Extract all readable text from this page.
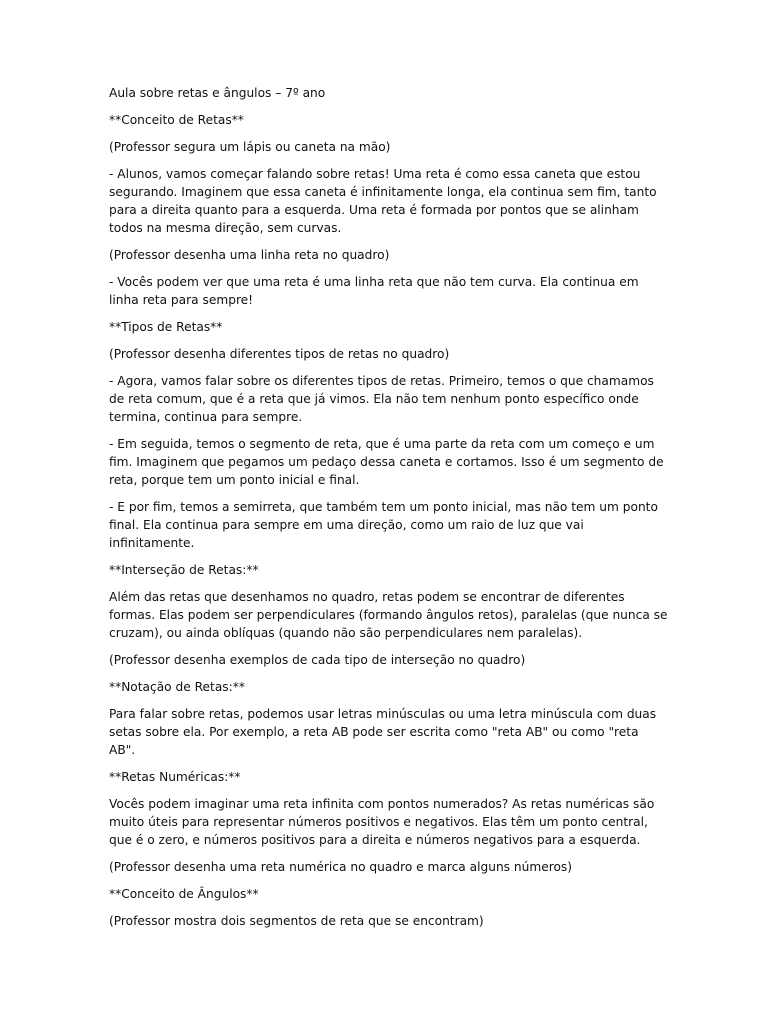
Aula sobre retas e ângulos – 7º ano

**Conceito de Retas**

(Professor segura um lápis ou caneta na mão)

- Alunos, vamos começar falando sobre retas! Uma reta é como essa caneta que estou segurando. Imaginem que essa caneta é infinitamente longa, ela continua sem fim, tanto para a direita quanto para a esquerda. Uma reta é formada por pontos que se alinham todos na mesma direção, sem curvas.

(Professor desenha uma linha reta no quadro)

- Vocês podem ver que uma reta é uma linha reta que não tem curva. Ela continua em linha reta para sempre!

**Tipos de Retas**

(Professor desenha diferentes tipos de retas no quadro)

- Agora, vamos falar sobre os diferentes tipos de retas. Primeiro, temos o que chamamos de reta comum, que é a reta que já vimos. Ela não tem nenhum ponto específico onde termina, continua para sempre.

- Em seguida, temos o segmento de reta, que é uma parte da reta com um começo e um fim. Imaginem que pegamos um pedaço dessa caneta e cortamos. Isso é um segmento de reta, porque tem um ponto inicial e final.

- E por fim, temos a semirreta, que também tem um ponto inicial, mas não tem um ponto final. Ela continua para sempre em uma direção, como um raio de luz que vai infinitamente.

**Interseção de Retas:**

Além das retas que desenhamos no quadro, retas podem se encontrar de diferentes formas. Elas podem ser perpendiculares (formando ângulos retos), paralelas (que nunca se cruzam), ou ainda oblíquas (quando não são perpendiculares nem paralelas).

(Professor desenha exemplos de cada tipo de interseção no quadro)

**Notação de Retas:**

Para falar sobre retas, podemos usar letras minúsculas ou uma letra minúscula com duas setas sobre ela. Por exemplo, a reta AB pode ser escrita como "reta AB" ou como "reta AB".

**Retas Numéricas:**

Vocês podem imaginar uma reta infinita com pontos numerados? As retas numéricas são muito úteis para representar números positivos e negativos. Elas têm um ponto central, que é o zero, e números positivos para a direita e números negativos para a esquerda.

(Professor desenha uma reta numérica no quadro e marca alguns números)

**Conceito de Ângulos**

(Professor mostra dois segmentos de reta que se encontram)
